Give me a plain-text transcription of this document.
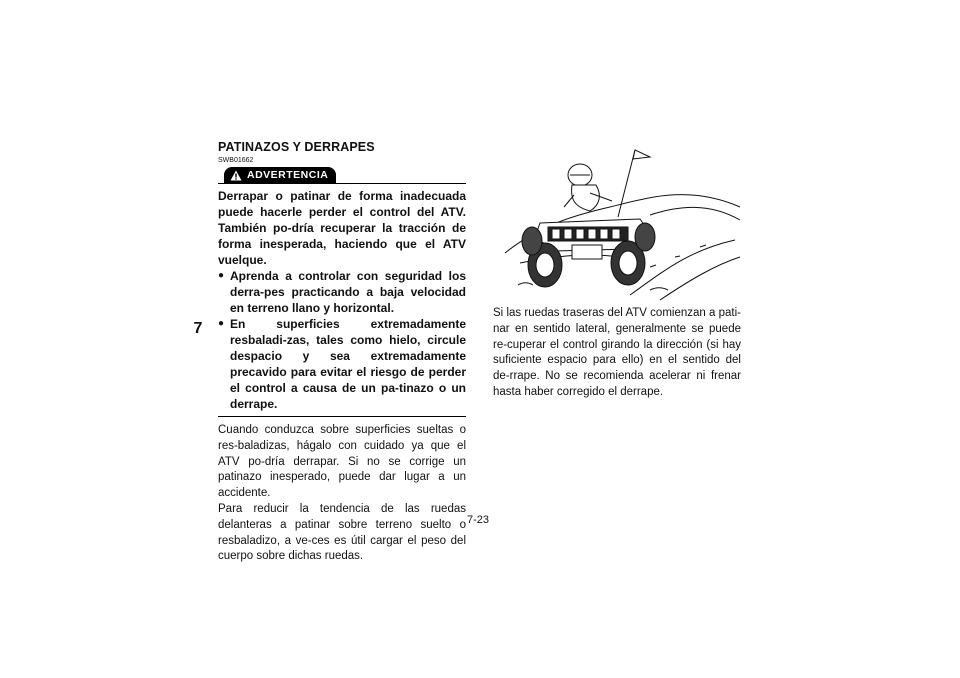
7
PATINAZOS Y DERRAPES
SWB01662
ADVERTENCIA

Derrapar o patinar de forma inadecuada puede hacerle perder el control del ATV. También po-dría recuperar la tracción de forma inesperada, haciendo que el ATV vuelque.

● Aprenda a controlar con seguridad los derra-pes practicando a baja velocidad en terreno llano y horizontal.
● En superficies extremadamente resbaladi-zas, tales como hielo, circule despacio y sea extremadamente precavido para evitar el riesgo de perder el control a causa de un pa-tinazo o un derrape.

Cuando conduzca sobre superficies sueltas o res-baladizas, hágalo con cuidado ya que el ATV po-dría derrapar. Si no se corrige un patinazo inesperado, puede dar lugar a un accidente.

Para reducir la tendencia de las ruedas delanteras a patinar sobre terreno suelto o resbaladizo, a ve-ces es útil cargar el peso del cuerpo sobre dichas ruedas.

Si las ruedas traseras del ATV comienzan a pati-nar en sentido lateral, generalmente se puede re-cuperar el control girando la dirección (si hay suficiente espacio para ello) en el sentido del de-rrape. No se recomienda acelerar ni frenar hasta haber corregido el derrape.

7-23
